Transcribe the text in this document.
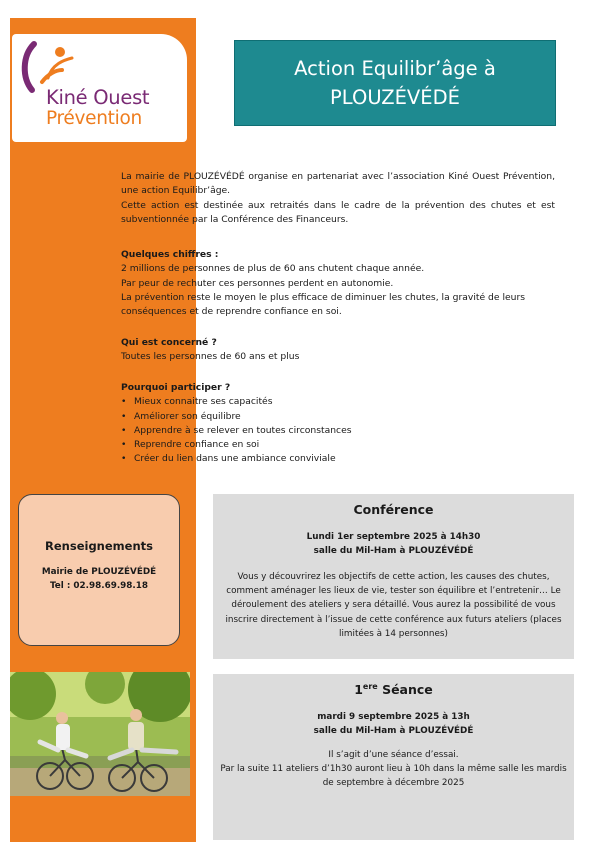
Kiné Ouest
Prévention
Action Equilibr’âge à
PLOUZÉVÉDÉ

La mairie de PLOUZÉVÉDÉ organise en partenariat avec l’association Kiné Ouest Prévention, une action Equilibr’âge.

Cette action est destinée aux retraités dans le cadre de la prévention des chutes et est subventionnée par la Conférence des Financeurs.

Quelques chiffres :
2 millions de personnes de plus de 60 ans chutent chaque année.
Par peur de rechuter ces personnes perdent en autonomie.
La prévention reste le moyen le plus efficace de diminuer les chutes, la gravité de leurs conséquences et de reprendre confiance en soi.
Qui est concerné ?
Toutes les personnes de 60 ans et plus
Pourquoi participer ?
• Mieux connaitre ses capacités
• Améliorer son équilibre
• Apprendre à se relever en toutes circonstances
• Reprendre confiance en soi
• Créer du lien dans une ambiance conviviale
Renseignements
Mairie de PLOUZÉVÉDÉ
Tel : 02.98.69.98.18
Conférence
Lundi 1er septembre 2025 à 14h30
salle du Mil-Ham à PLOUZÉVÉDÉ
Vous y découvrirez les objectifs de cette action, les causes des chutes, comment aménager les lieux de vie, tester son équilibre et l’entretenir… Le déroulement des ateliers y sera détaillé. Vous aurez la possibilité de vous inscrire directement à l’issue de cette conférence aux futurs ateliers (places limitées à 14 personnes)
1ere Séance
mardi 9 septembre 2025 à 13h
salle du Mil-Ham à PLOUZÉVÉDÉ
Il s’agit d’une séance d’essai.
Par la suite 11 ateliers d’1h30 auront lieu à 10h dans la même salle les mardis de septembre à décembre 2025
